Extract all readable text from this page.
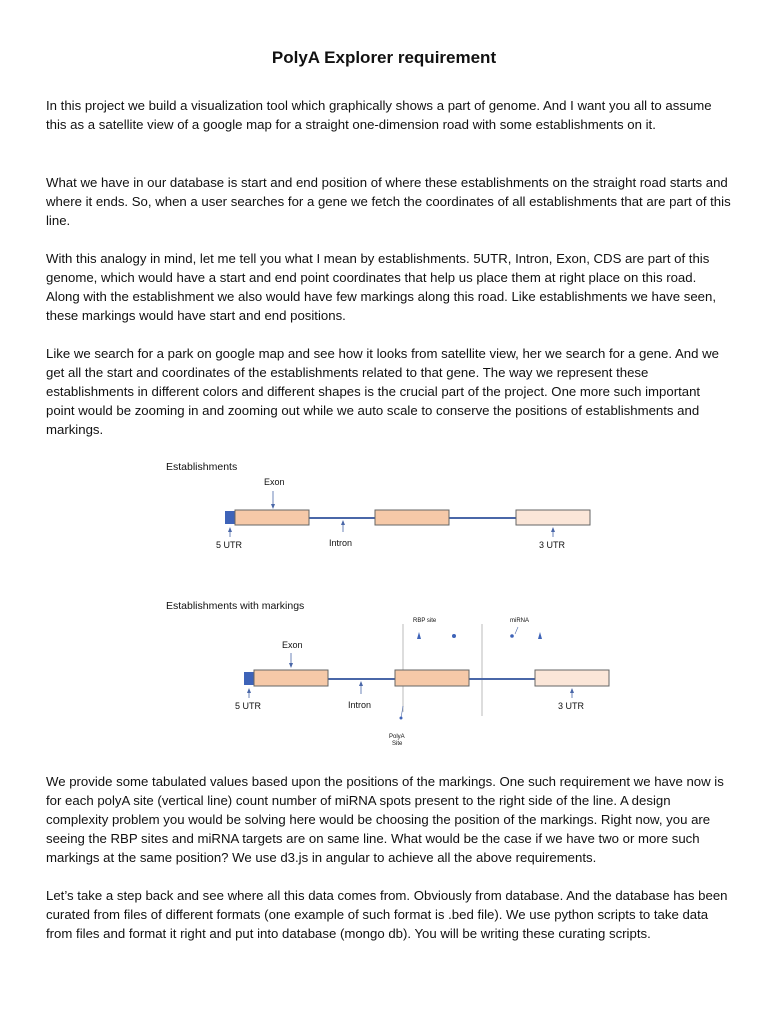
PolyA Explorer requirement

In this project we build a visualization tool which graphically shows a part of genome. And I want you all to assume this as a satellite view of a google map for a straight one-dimension road with some establishments on it.

What we have in our database is start and end position of where these establishments on the straight road starts and where it ends. So, when a user searches for a gene we fetch the coordinates of all establishments that are part of this line.

With this analogy in mind, let me tell you what I mean by establishments. 5UTR, Intron, Exon, CDS are part of this genome, which would have a start and end point coordinates that help us place them at right place on this road. Along with the establishment we also would have few markings along this road. Like establishments we have seen, these markings would have start and end positions.

Like we search for a park on google map and see how it looks from satellite view, her we search for a gene. And we get all the start and coordinates of the establishments related to that gene. The way we represent these establishments in different colors and different shapes is the crucial part of the project. One more such important point would be zooming in and zooming out while we auto scale to conserve the positions of establishments and markings.

Establishments
Exon
5 UTR	Intron	3 UTR
Establishments with markings
RBP site	miRNA
Exon
5 UTR	Intron	3 UTR
PolyA
Site

We provide some tabulated values based upon the positions of the markings. One such requirement we have now is for each polyA site (vertical line) count number of miRNA spots present to the right side of the line. A design complexity problem you would be solving here would be choosing the position of the markings. Right now, you are seeing the RBP sites and miRNA targets are on same line. What would be the case if we have two or more such markings at the same position? We use d3.js in angular to achieve all the above requirements.

Let’s take a step back and see where all this data comes from. Obviously from database. And the database has been curated from files of different formats (one example of such format is .bed file). We use python scripts to take data from files and format it right and put into database (mongo db). You will be writing these curating scripts.
